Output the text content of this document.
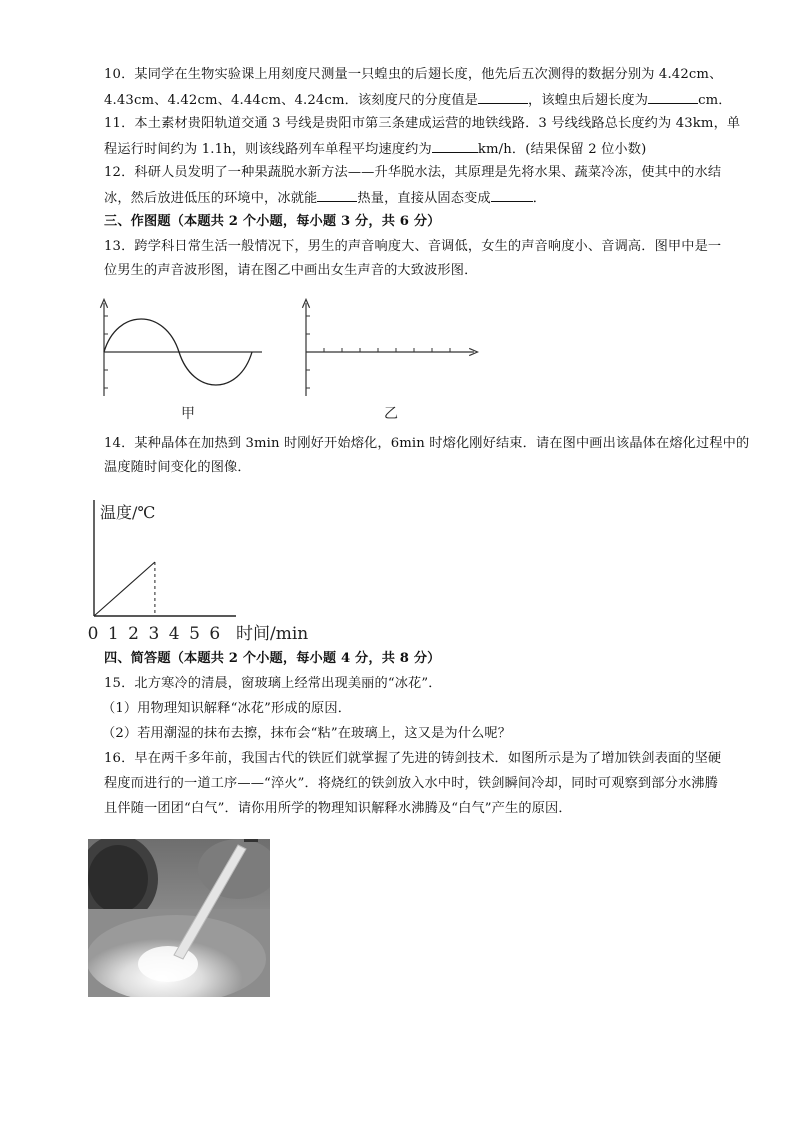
10．某同学在生物实验课上用刻度尺测量一只蝗虫的后翅长度，他先后五次测得的数据分别为 4.42cm、
4.43cm、4.42cm、4.44cm、4.24cm．该刻度尺的分度值是	，该蝗虫后翅长度为	cm．
11．本土素材贵阳轨道交通 3 号线是贵阳市第三条建成运营的地铁线路．3 号线线路总长度约为 43km，单
程运行时间约为 1.1h，则该线路列车单程平均速度约为	km/h．(结果保留 2 位小数)
12．科研人员发明了一种果蔬脱水新方法——升华脱水法，其原理是先将水果、蔬菜冷冻，使其中的水结
冰，然后放进低压的环境中，冰就能	热量，直接从固态变成	．
三、作图题（本题共 2 个小题，每小题 3 分，共 6 分）
13．跨学科日常生活一般情况下，男生的声音响度大、音调低，女生的声音响度小、音调高．图甲中是一
位男生的声音波形图，请在图乙中画出女生声音的大致波形图．
甲	乙
14．某种晶体在加热到 3min 时刚好开始熔化，6min 时熔化刚好结束．请在图中画出该晶体在熔化过程中的
温度随时间变化的图像．
温度/℃
时间/min
0 1 2 3 4 5 6
四、简答题（本题共 2 个小题，每小题 4 分，共 8 分）
15．北方寒冷的清晨，窗玻璃上经常出现美丽的“冰花”．
（1）用物理知识解释“冰花”形成的原因．
（2）若用潮湿的抹布去擦，抹布会“粘”在玻璃上，这又是为什么呢？
16．早在两千多年前，我国古代的铁匠们就掌握了先进的铸剑技术．如图所示是为了增加铁剑表面的坚硬
程度而进行的一道工序——“淬火”．将烧红的铁剑放入水中时，铁剑瞬间冷却，同时可观察到部分水沸腾
且伴随一团团“白气”．请你用所学的物理知识解释水沸腾及“白气”产生的原因．
